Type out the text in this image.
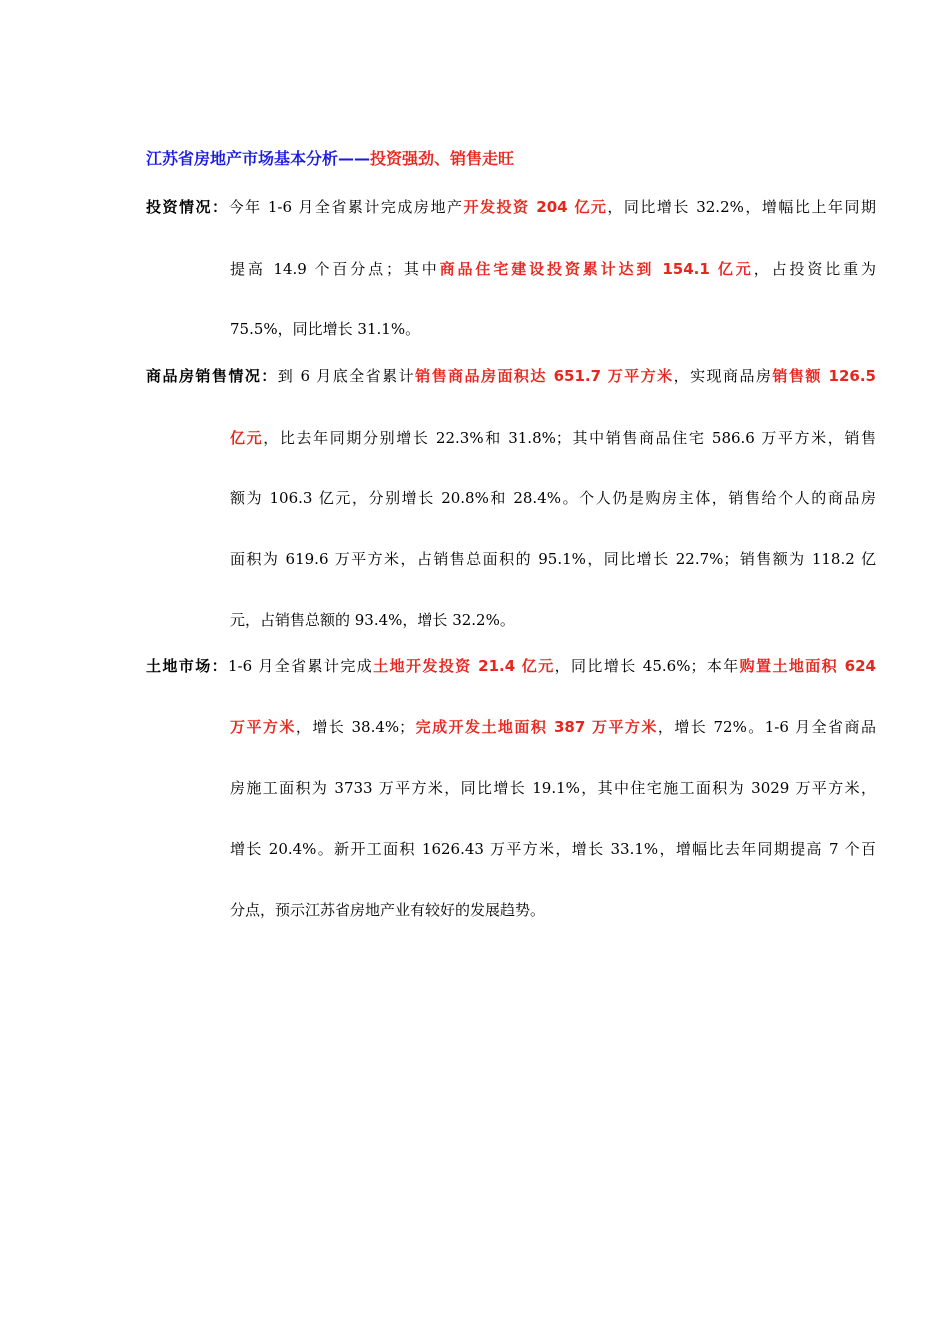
江苏省房地产市场基本分析——投资强劲、销售走旺
投资情况：今年 1-6 月全省累计完成房地产开发投资 204 亿元，同比增长 32.2%，增幅比上年同期
提高 14.9 个百分点；其中商品住宅建设投资累计达到 154.1 亿元，占投资比重为
75.5%，同比增长 31.1%。
商品房销售情况：到 6 月底全省累计销售商品房面积达 651.7 万平方米，实现商品房销售额 126.5
亿元，比去年同期分别增长 22.3%和 31.8%；其中销售商品住宅 586.6 万平方米，销售
额为 106.3 亿元，分别增长 20.8%和 28.4%。个人仍是购房主体，销售给个人的商品房
面积为 619.6 万平方米，占销售总面积的 95.1%，同比增长 22.7%；销售额为 118.2 亿
元，占销售总额的 93.4%，增长 32.2%。
土地市场：1-6 月全省累计完成土地开发投资 21.4 亿元，同比增长 45.6%；本年购置土地面积 624
万平方米，增长 38.4%；完成开发土地面积 387 万平方米，增长 72%。1-6 月全省商品
房施工面积为 3733 万平方米，同比增长 19.1%，其中住宅施工面积为 3029 万平方米，
增长 20.4%。新开工面积 1626.43 万平方米，增长 33.1%，增幅比去年同期提高 7 个百
分点，预示江苏省房地产业有较好的发展趋势。
